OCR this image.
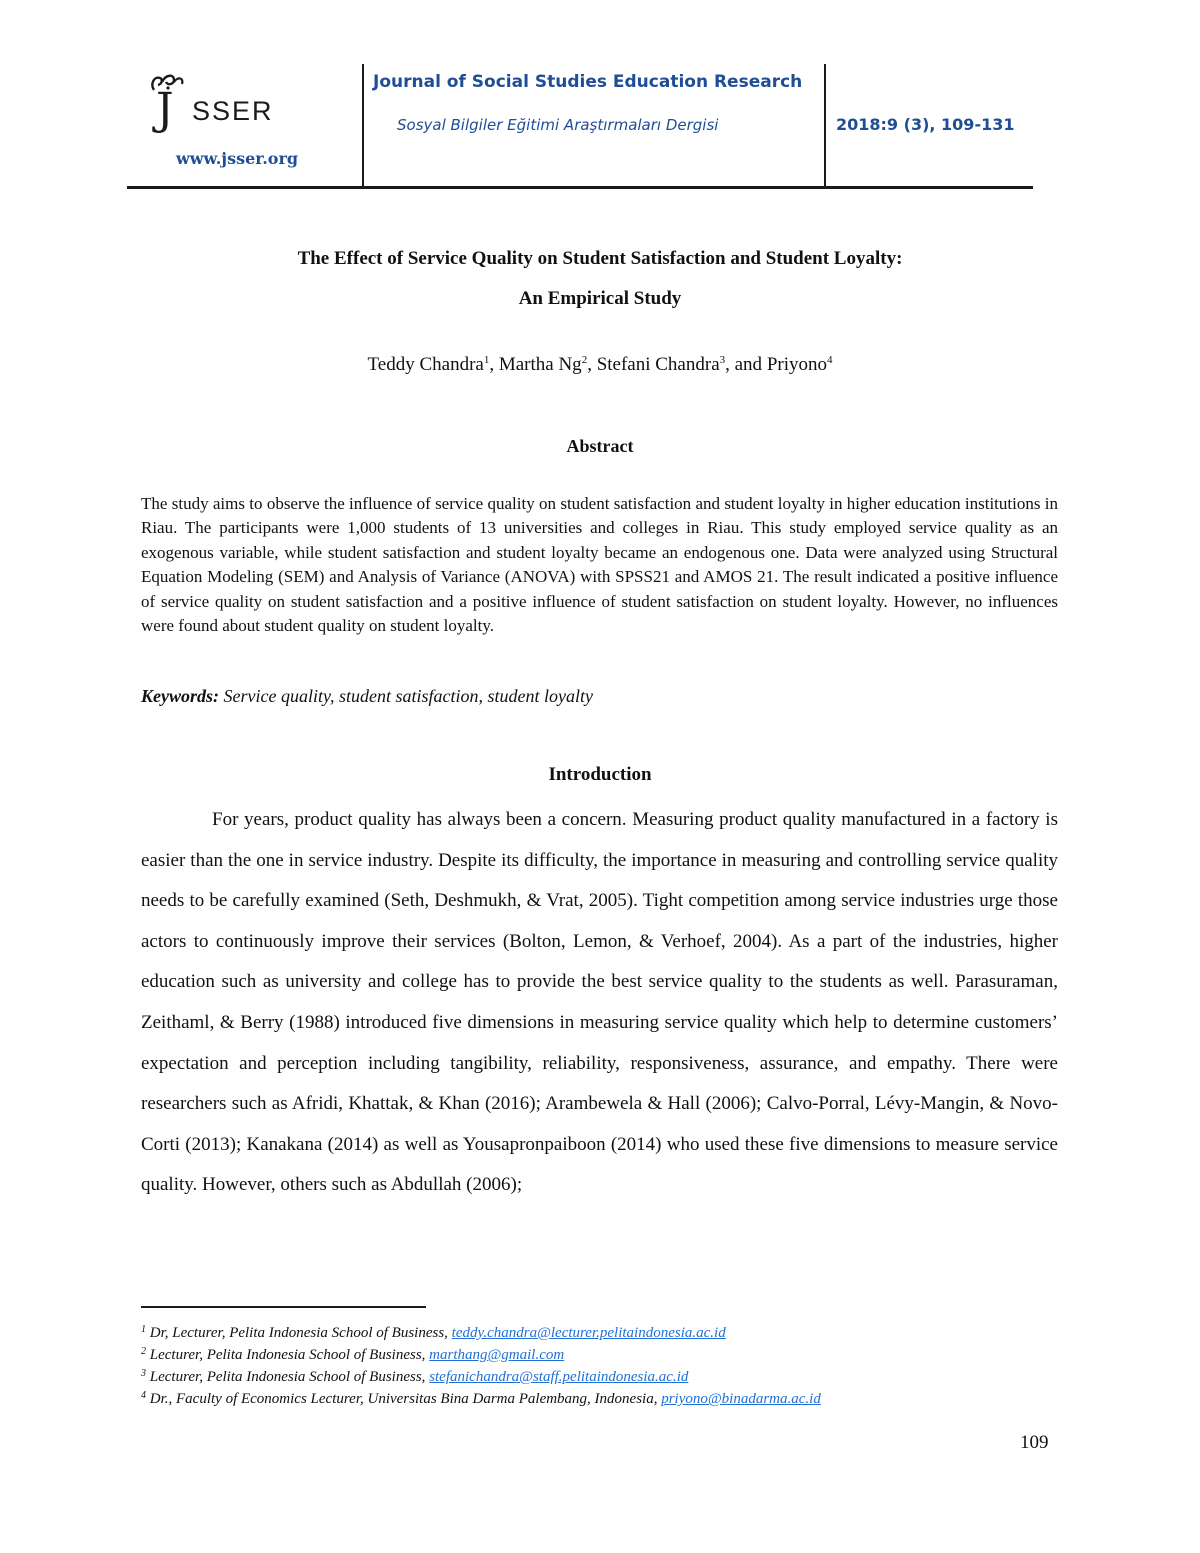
J SSER
www.jsser.org
Journal of Social Studies Education Research
Sosyal Bilgiler Eğitimi Araştırmaları Dergisi	2018:9 (3), 109-131
The Effect of Service Quality on Student Satisfaction and Student Loyalty:
An Empirical Study
Teddy Chandra$^1$, Martha Ng$^2$, Stefani Chandra$^3$, and Priyono$^4$
Abstract
The study aims to observe the influence of service quality on student satisfaction and student loyalty in higher education institutions in Riau. The participants were 1,000 students of 13 universities and colleges in Riau. This study employed service quality as an exogenous variable, while student satisfaction and student loyalty became an endogenous one. Data were analyzed using Structural Equation Modeling (SEM) and Analysis of Variance (ANOVA) with SPSS21 and AMOS 21. The result indicated a positive influence of service quality on student satisfaction and a positive influence of student satisfaction on student loyalty. However, no influences were found about student quality on student loyalty.
Keywords: Service quality, student satisfaction, student loyalty
Introduction
For years, product quality has always been a concern. Measuring product quality manufactured in a factory is easier than the one in service industry. Despite its difficulty, the importance in measuring and controlling service quality needs to be carefully examined (Seth, Deshmukh, & Vrat, 2005). Tight competition among service industries urge those actors to continuously improve their services (Bolton, Lemon, & Verhoef, 2004). As a part of the industries, higher education such as university and college has to provide the best service quality to the students as well. Parasuraman, Zeithaml, & Berry (1988) introduced five dimensions in measuring service quality which help to determine customers’ expectation and perception including tangibility, reliability, responsiveness, assurance, and empathy. There were researchers such as Afridi, Khattak, & Khan (2016); Arambewela & Hall (2006); Calvo-Porral, Lévy-Mangin, & Novo-Corti (2013); Kanakana (2014) as well as Yousapronpaiboon (2014) who used these five dimensions to measure service quality. However, others such as Abdullah (2006);
$^1$ Dr, Lecturer, Pelita Indonesia School of Business, teddy.chandra@lecturer.pelitaindonesia.ac.id
$^2$ Lecturer, Pelita Indonesia School of Business, marthang@gmail.com
$^3$ Lecturer, Pelita Indonesia School of Business, stefanichandra@staff.pelitaindonesia.ac.id
$^4$ Dr., Faculty of Economics Lecturer, Universitas Bina Darma Palembang, Indonesia, priyono@binadarma.ac.id
109
